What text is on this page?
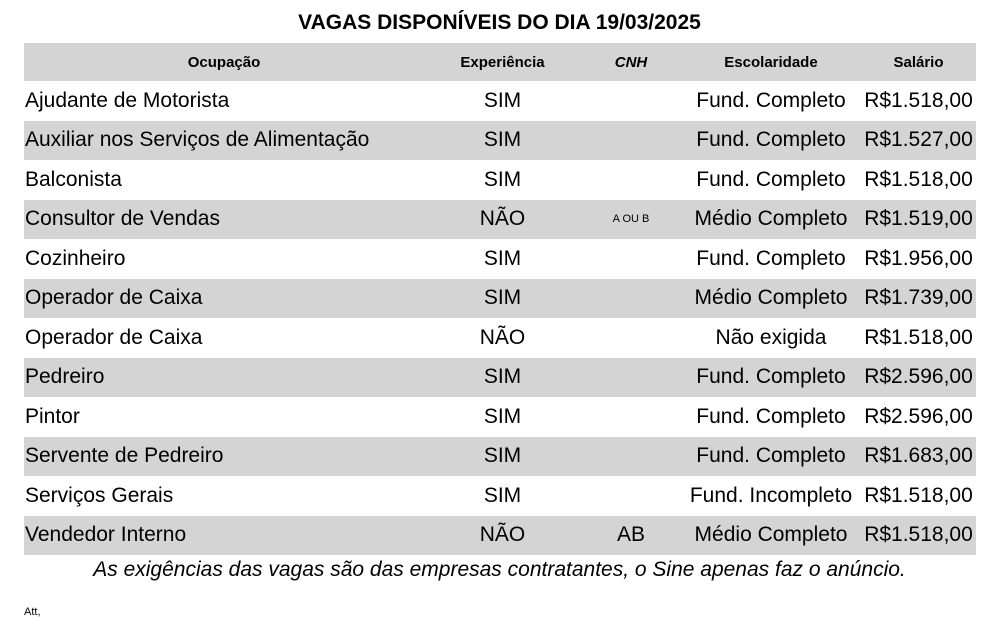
VAGAS DISPONÍVEIS DO DIA 19/03/2025
Ocupação	Experiência		CNH		Escolaridade	Salário
Ajudante de Motorista	SIM				Fund. Completo	R$1.518,00
Auxiliar nos Serviços de Alimentação	SIM				Fund. Completo	R$1.527,00
Balconista	SIM				Fund. Completo	R$1.518,00
Consultor de Vendas	NÃO		A OU B		Médio Completo	R$1.519,00
Cozinheiro	SIM				Fund. Completo	R$1.956,00
Operador de Caixa	SIM				Médio Completo	R$1.739,00
Operador de Caixa	NÃO				Não exigida	R$1.518,00
Pedreiro	SIM				Fund. Completo	R$2.596,00
Pintor	SIM				Fund. Completo	R$2.596,00
Servente de Pedreiro	SIM				Fund. Completo	R$1.683,00
Serviços Gerais	SIM				Fund. Incompleto	R$1.518,00
Vendedor Interno	NÃO		AB		Médio Completo	R$1.518,00
As exigências das vagas são das empresas contratantes, o Sine apenas faz o anúncio.
Att,
